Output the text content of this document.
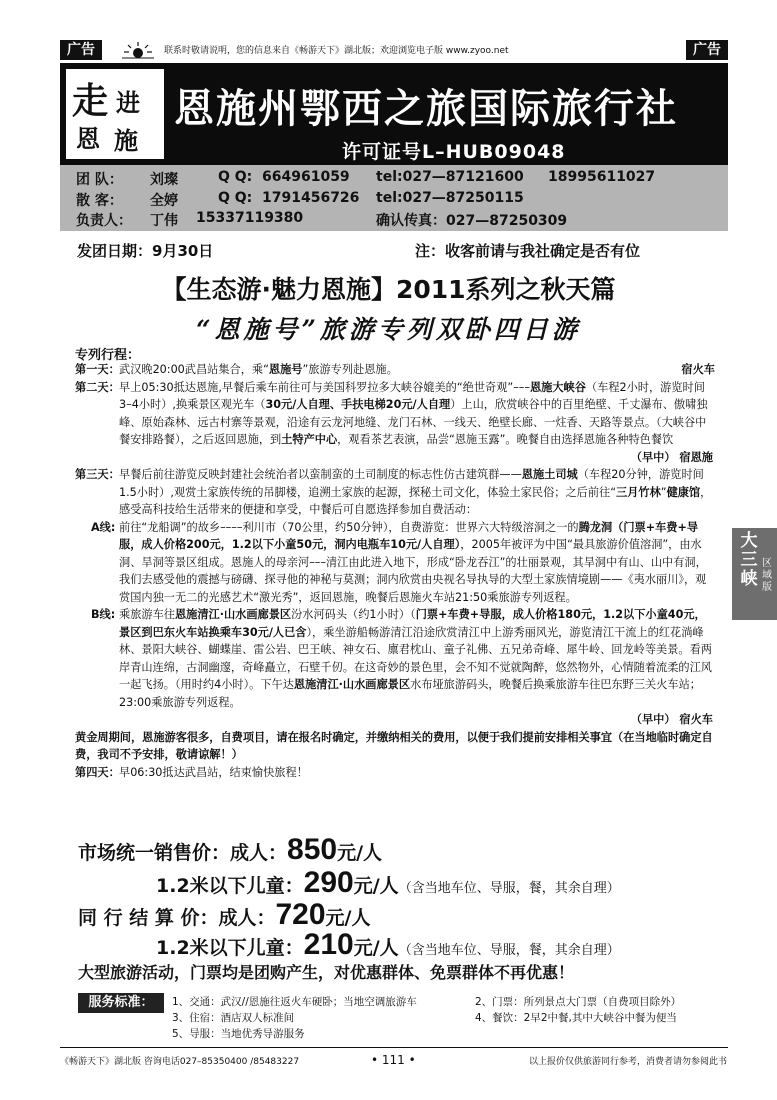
广告	联系时敬请说明，您的信息来自《畅游天下》湖北版；欢迎浏览电子版 www.zyoo.net	广告
走 进
恩 施
恩施州鄂西之旅国际旅行社
许可证号L–HUB09048
团 队： 刘璨	Q Q: 664961059 tel:027—87121600 18995611027
散 客： 全婷	Q Q: 1791456726 tel:027—87250115
负责人： 丁伟 15337119380	确认传真：027—87250309
发团日期：9月30日	注：收客前请与我社确定是否有位
【生态游·魅力恩施】2011系列之秋天篇
“恩施号”旅游专列双卧四日游
专列行程：
第一天：	宿火车
武汉晚20:00武昌站集合，乘“恩施号”旅游专列赴恩施。
第二天： 早上05:30抵达恩施,早餐后乘车前往可与美国科罗拉多大峡谷媲美的“绝世奇观”–––恩施大峡谷（车程2小时，游览时间3–4小时）,换乘景区观光车（30元/人自理、手扶电梯20元/人自理）上山，欣赏峡谷中的百里绝壁、千丈瀑布、傲啸独峰、原始森林、远古村寨等景观，沿途有云龙河地缝、龙门石林、一线天、绝壁长廊、一炷香、天路等景点。（大峡谷中餐安排路餐），之后返回恩施，到土特产中心，观看茶艺表演，品尝“恩施玉露”。晚餐自由选择恩施各种特色餐饮
（早中） 宿恩施
第三天： 早餐后前往游览反映封建社会统治者以蛮制蛮的土司制度的标志性仿古建筑群——恩施土司城（车程20分钟，游览时间1.5小时）,观赏土家族传统的吊脚楼，追溯土家族的起源，探秘土司文化，体验土家民俗；之后前往“三月竹林”健康馆，感受高科技给生活带来的便捷和享受，中餐后可自愿选择参加自费活动：
A线: 前往“龙船调”的故乡––––利川市（70公里，约50分钟），自费游览：世界六大特级溶洞之一的腾龙洞（门票+车费+导服，成人价格200元，1.2以下小童50元，洞内电瓶车10元/人自理），2005年被评为中国“最具旅游价值溶洞”，由水洞、旱洞等景区组成。恩施人的母亲河–––清江由此进入地下，形成“卧龙吞江”的壮丽景观，其旱洞中有山、山中有洞，我们去感受他的震撼与磅礴、探寻他的神秘与莫测；洞内欣赏由央视名导执导的大型土家族情境剧——《夷水丽川》，观赏国内独一无二的光感艺术“激光秀”，返回恩施，晚餐后恩施火车站21:50乘旅游专列返程。
B线: 乘旅游车往恩施清江·山水画廊景区汾水河码头（约1小时）（门票+车费+导服，成人价格180元，1.2以下小童40元，景区到巴东火车站换乘车30元/人已含），乘坐游船畅游清江沿途欣赏清江中上游秀丽风光，游览清江干流上的红花淌峰林、景阳大峡谷、蝴蝶崖、雷公岩、巴王峡、神女石、廪君枕山、童子礼佛、五兄弟奇峰、犀牛岭、回龙岭等美景。看两岸青山连绵，古洞幽邃，奇峰矗立，石壁千仞。在这奇妙的景色里，会不知不觉就陶醉，悠然物外，心情随着流柔的江风一起飞扬。（用时约4小时）。下午达恩施清江·山水画廊景区水布垭旅游码头，晚餐后换乘旅游车往巴东野三关火车站；23:00乘旅游专列返程。
（早中） 宿火车
黄金周期间，恩施游客很多，自费项目，请在报名时确定，并缴纳相关的费用，以便于我们提前安排相关事宜（在当地临时确定自费，我司不予安排，敬请谅解！）
第四天： 早06:30抵达武昌站，结束愉快旅程！
大
三
峡
区
域
版
市场统一销售价：成人：850元/人
1.2米以下儿童：290元/人（含当地车位、导服，餐，其余自理）
同 行 结 算 价：成人：720元/人
1.2米以下儿童：210元/人（含当地车位、导服，餐，其余自理）
大型旅游活动，门票均是团购产生，对优惠群体、免票群体不再优惠！
服务标准：	1、交通：武汉//恩施往返火车硬卧；当地空调旅游车	2、门票：所列景点大门票（自费项目除外）
3、住宿：酒店双人标准间	4、餐饮：2早2中餐,其中大峡谷中餐为便当
5、导服：当地优秀导游服务
《畅游天下》湖北版 咨询电话027–85350400 /85483227	• 111 •	以上报价仅供旅游同行参考，消费者请勿参阅此书
